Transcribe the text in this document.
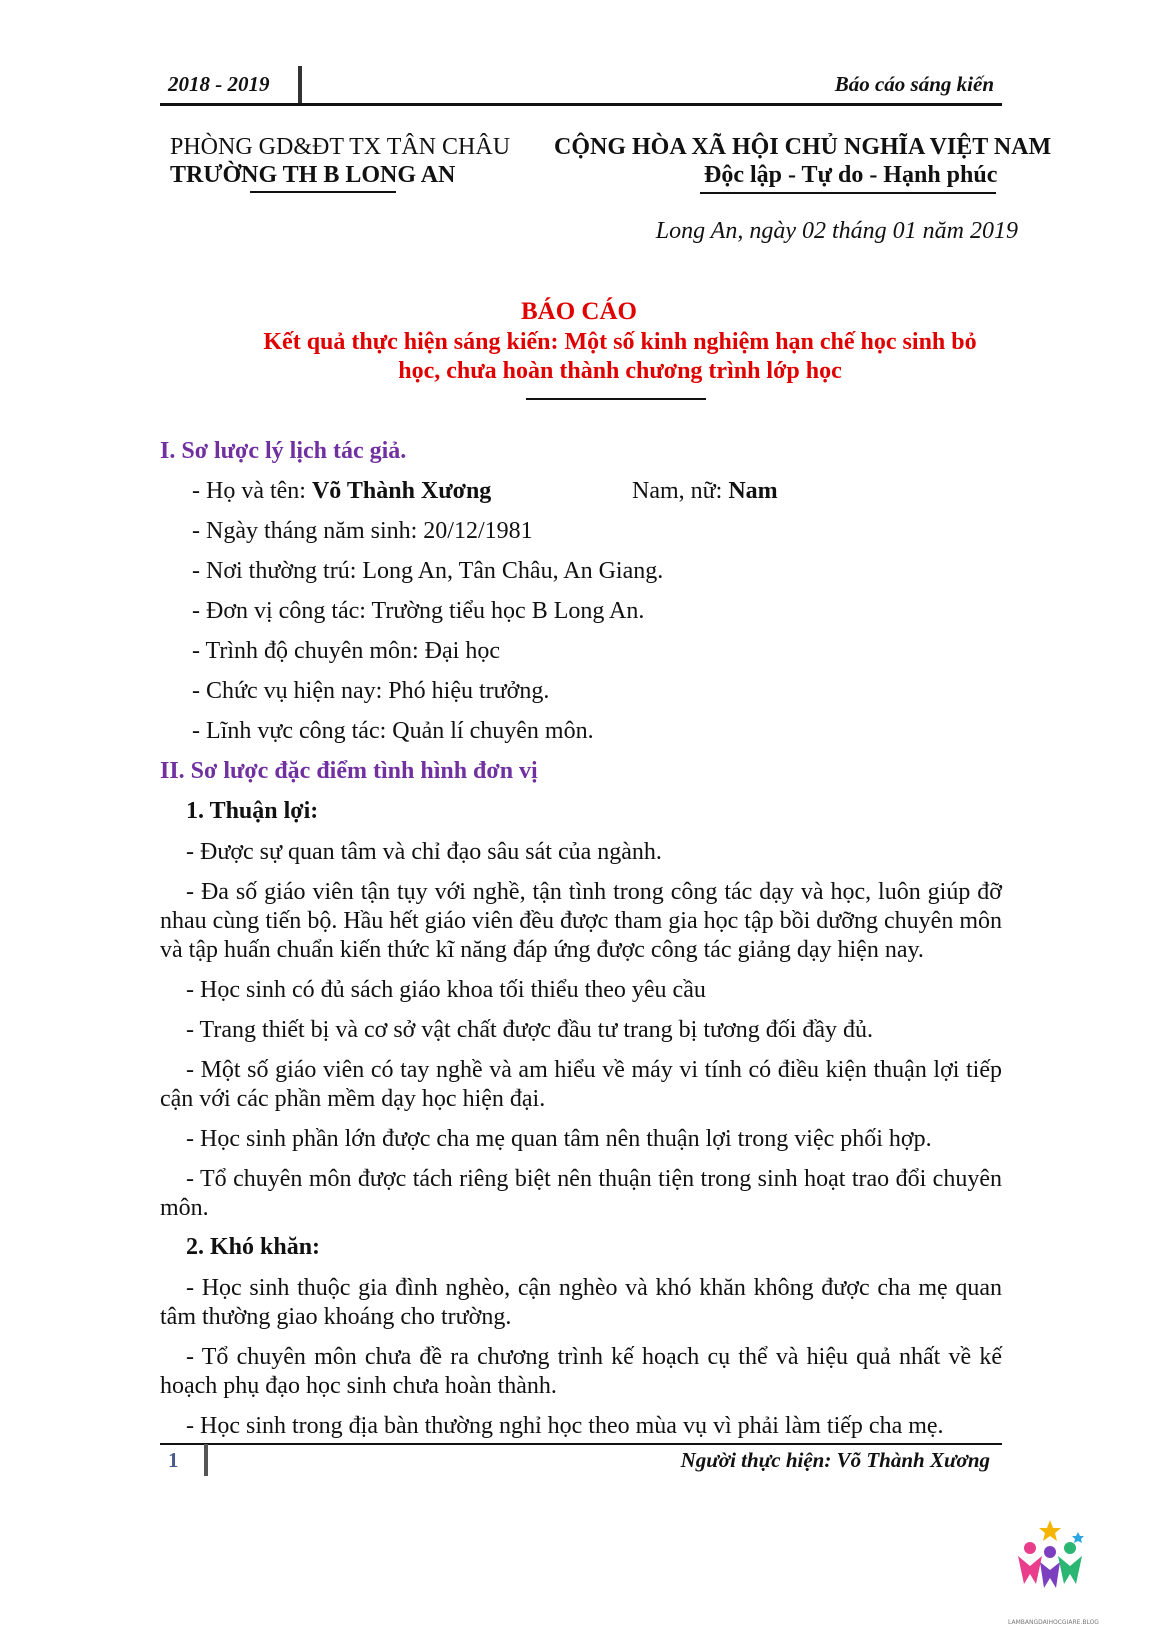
2018 - 2019	Báo cáo sáng kiến
PHÒNG GD&ĐT TX TÂN CHÂU
TRƯỜNG TH B LONG AN
CỘNG HÒA XÃ HỘI CHỦ NGHĨA VIỆT NAM
Độc lập - Tự do - Hạnh phúc
Long An, ngày 02 tháng 01 năm 2019
BÁO CÁO
Kết quả thực hiện sáng kiến: Một số kinh nghiệm hạn chế học sinh bỏ
học, chưa hoàn thành chương trình lớp học
I. Sơ lược lý lịch tác giả.
- Họ và tên: Võ Thành Xương	Nam, nữ: Nam
- Ngày tháng năm sinh: 20/12/1981
- Nơi thường trú: Long An, Tân Châu, An Giang.
- Đơn vị công tác: Trường tiểu học B Long An.
- Trình độ chuyên môn: Đại học
- Chức vụ hiện nay: Phó hiệu trưởng.
- Lĩnh vực công tác: Quản lí chuyên môn.
II. Sơ lược đặc điểm tình hình đơn vị
1. Thuận lợi:
- Được sự quan tâm và chỉ đạo sâu sát của ngành.
- Đa số giáo viên tận tụy với nghề, tận tình trong công tác dạy và học, luôn giúp đỡ nhau cùng tiến bộ. Hầu hết giáo viên đều được tham gia học tập bồi dưỡng chuyên môn và tập huấn chuẩn kiến thức kĩ năng đáp ứng được công tác giảng dạy hiện nay.
- Học sinh có đủ sách giáo khoa tối thiểu theo yêu cầu
- Trang thiết bị và cơ sở vật chất được đầu tư trang bị tương đối đầy đủ.
- Một số giáo viên có tay nghề và am hiểu về máy vi tính có điều kiện thuận lợi tiếp cận với các phần mềm dạy học hiện đại.
- Học sinh phần lớn được cha mẹ quan tâm nên thuận lợi trong việc phối hợp.
- Tổ chuyên môn được tách riêng biệt nên thuận tiện trong sinh hoạt trao đổi chuyên môn.
2. Khó khăn:
- Học sinh thuộc gia đình nghèo, cận nghèo và khó khăn không được cha mẹ quan tâm thường giao khoáng cho trường.
- Tổ chuyên môn chưa đề ra chương trình kế hoạch cụ thể và hiệu quả nhất về kế hoạch phụ đạo học sinh chưa hoàn thành.
- Học sinh trong địa bàn thường nghỉ học theo mùa vụ vì phải làm tiếp cha mẹ.
1	Người thực hiện: Võ Thành Xương
LAMBANGDAIHOCGIARE.BLOG
